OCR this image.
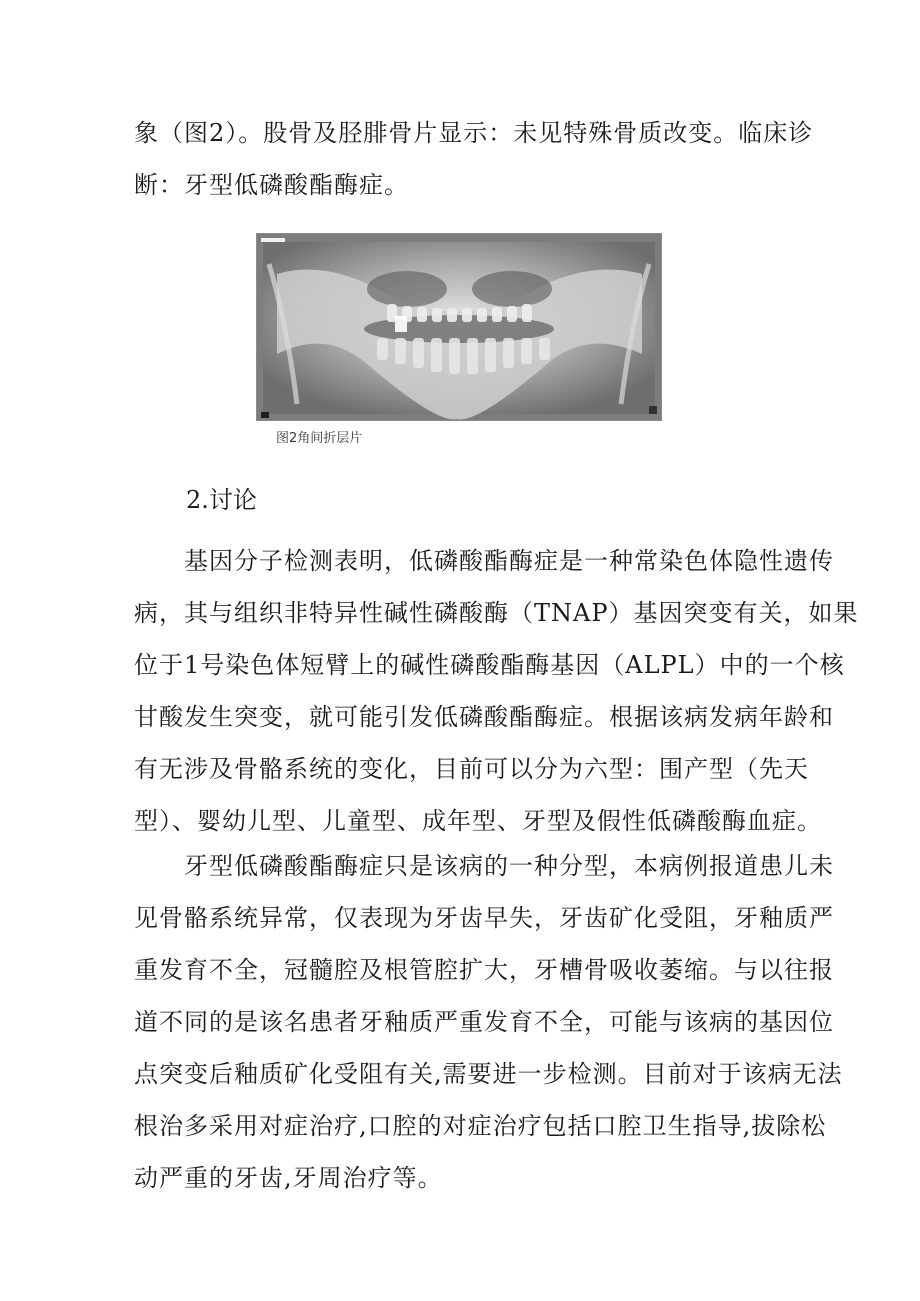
象（图2）。股骨及胫腓骨片显示：未见特殊骨质改变。临床诊
断：牙型低磷酸酯酶症。
图2角间折层片
2.讨论
　　基因分子检测表明，低磷酸酯酶症是一种常染色体隐性遗传
病，其与组织非特异性碱性磷酸酶（TNAP）基因突变有关，如果
位于1号染色体短臂上的碱性磷酸酯酶基因（ALPL）中的一个核
甘酸发生突变，就可能引发低磷酸酯酶症。根据该病发病年龄和
有无涉及骨骼系统的变化，目前可以分为六型：围产型（先天
型）、婴幼儿型、儿童型、成年型、牙型及假性低磷酸酶血症。
　　牙型低磷酸酯酶症只是该病的一种分型，本病例报道患儿未
见骨骼系统异常，仅表现为牙齿早失，牙齿矿化受阻，牙釉质严
重发育不全，冠髓腔及根管腔扩大，牙槽骨吸收萎缩。与以往报
道不同的是该名患者牙釉质严重发育不全，可能与该病的基因位
点突变后釉质矿化受阻有关,需要进一步检测。目前对于该病无法
根治多采用对症治疗,口腔的对症治疗包括口腔卫生指导,拔除松
动严重的牙齿,牙周治疗等。
